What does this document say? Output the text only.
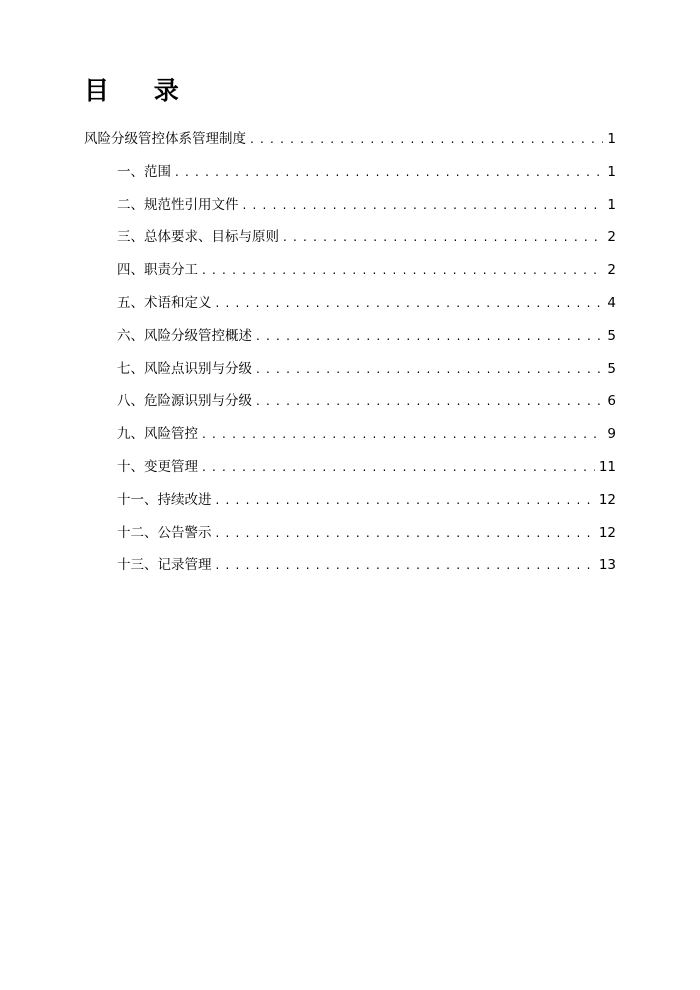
目 录
风险分级管控体系管理制度 . . .	1
一、范围 . . .	1
二、规范性引用文件 . . .	1
三、总体要求、目标与原则 . . .	2
四、职责分工 . . .	2
五、术语和定义 . . .	4
六、风险分级管控概述 . . .	5
七、风险点识别与分级 . . .	5
八、危险源识别与分级 . . .	6
九、风险管控 . . .	9
十、变更管理 . . .	11
十一、持续改进 . . .	12
十二、公告警示 . . .	12
十三、记录管理 . . .	13
